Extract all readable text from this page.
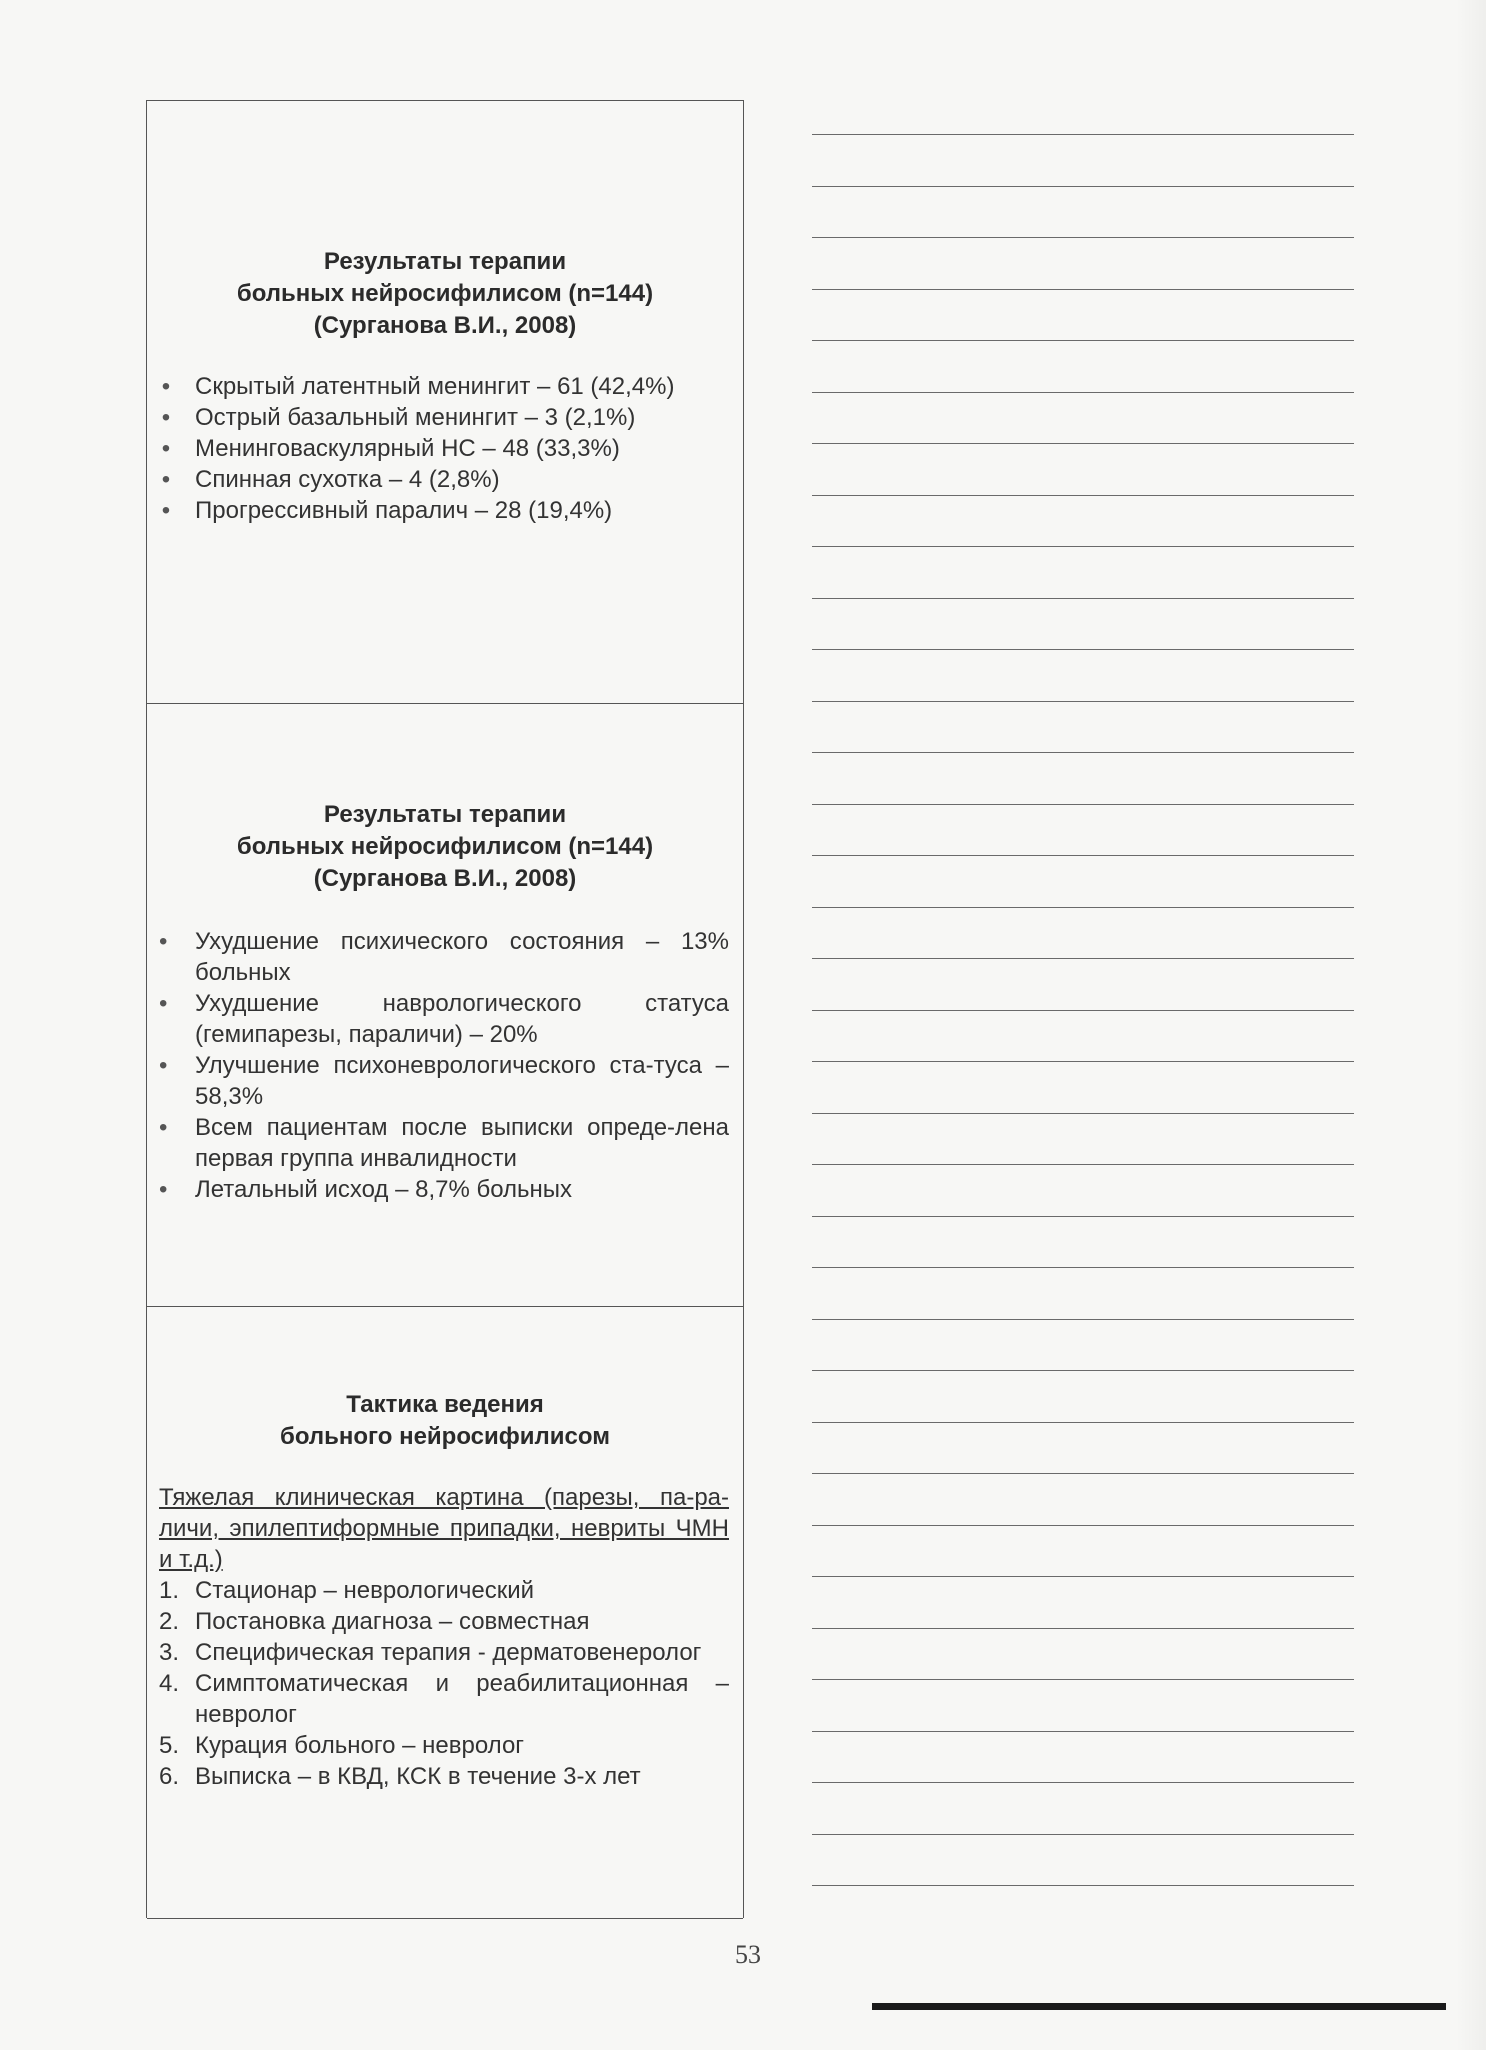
Результаты терапии
больных нейросифилисом (n=144)
(Сурганова В.И., 2008)
• Скрытый латентный менингит – 61 (42,4%)
• Острый базальный менингит – 3 (2,1%)
• Менинговаскулярный НС – 48 (33,3%)
• Спинная сухотка – 4 (2,8%)
• Прогрессивный паралич – 28 (19,4%)
Результаты терапии
больных нейросифилисом (n=144)
(Сурганова В.И., 2008)
• Ухудшение психического состояния – 13% больных
• Ухудшение наврологического статуса (гемипарезы, параличи) – 20%
• Улучшение психоневрологического ста-туса – 58,3%
• Всем пациентам после выписки опреде-лена первая группа инвалидности
• Летальный исход – 8,7% больных
Тактика ведения
больного нейросифилисом
Тяжелая клиническая картина (парезы, па-ра-личи, эпилептиформные припадки, невриты ЧМН и т.д.)
1. Стационар – неврологический
2. Постановка диагноза – совместная
3. Специфическая терапия - дерматовенеролог
4. Симптоматическая и реабилитационная – невролог
5. Курация больного – невролог
6. Выписка – в КВД, КСК в течение 3-х лет
53
